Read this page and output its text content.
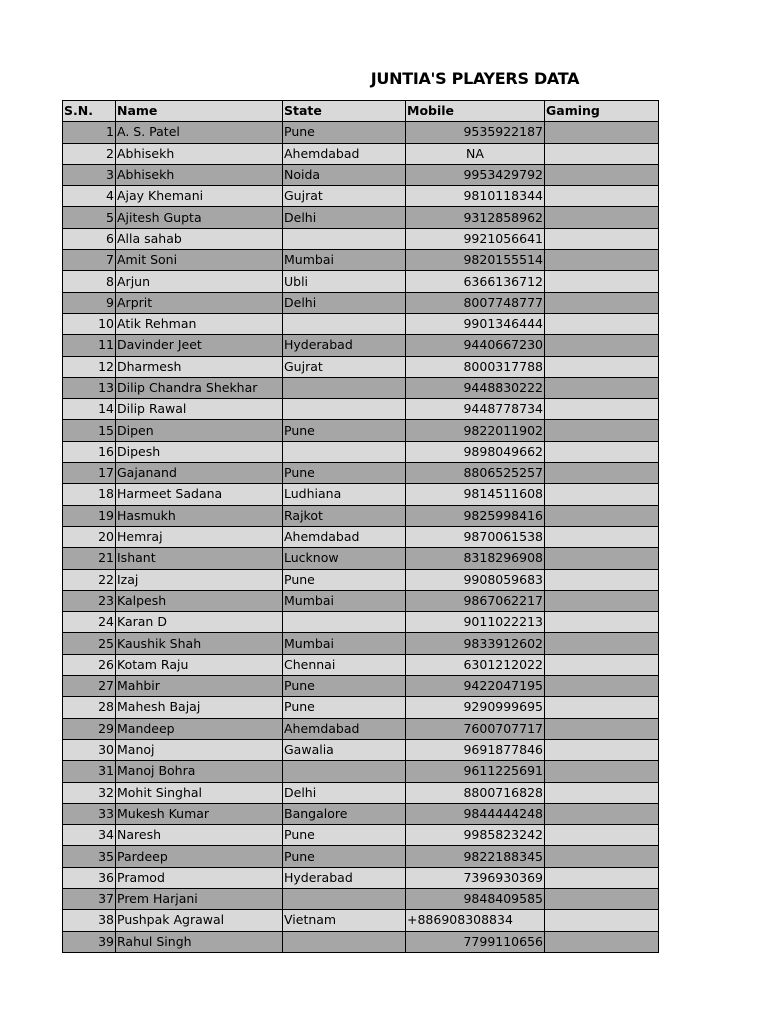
JUNTIA'S PLAYERS DATA
S.N.	Name	State	Mobile	Gaming
1	A. S. Patel	Pune	9535922187	
2	Abhisekh	Ahemdabad	NA	
3	Abhisekh	Noida	9953429792	
4	Ajay Khemani	Gujrat	9810118344	
5	Ajitesh Gupta	Delhi	9312858962	
6	Alla sahab		9921056641	
7	Amit Soni	Mumbai	9820155514	
8	Arjun	Ubli	6366136712	
9	Arprit	Delhi	8007748777	
10	Atik Rehman		9901346444	
11	Davinder Jeet	Hyderabad	9440667230	
12	Dharmesh	Gujrat	8000317788	
13	Dilip Chandra Shekhar		9448830222	
14	Dilip Rawal		9448778734	
15	Dipen	Pune	9822011902	
16	Dipesh		9898049662	
17	Gajanand	Pune	8806525257	
18	Harmeet Sadana	Ludhiana	9814511608	
19	Hasmukh	Rajkot	9825998416	
20	Hemraj	Ahemdabad	9870061538	
21	Ishant	Lucknow	8318296908	
22	Izaj	Pune	9908059683	
23	Kalpesh	Mumbai	9867062217	
24	Karan D		9011022213	
25	Kaushik Shah	Mumbai	9833912602	
26	Kotam Raju	Chennai	6301212022	
27	Mahbir	Pune	9422047195	
28	Mahesh Bajaj	Pune	9290999695	
29	Mandeep	Ahemdabad	7600707717	
30	Manoj	Gawalia	9691877846	
31	Manoj Bohra		9611225691	
32	Mohit Singhal	Delhi	8800716828	
33	Mukesh Kumar	Bangalore	9844444248	
34	Naresh	Pune	9985823242	
35	Pardeep	Pune	9822188345	
36	Pramod	Hyderabad	7396930369	
37	Prem Harjani		9848409585	
38	Pushpak Agrawal	Vietnam	+886908308834	
39	Rahul Singh		7799110656	
